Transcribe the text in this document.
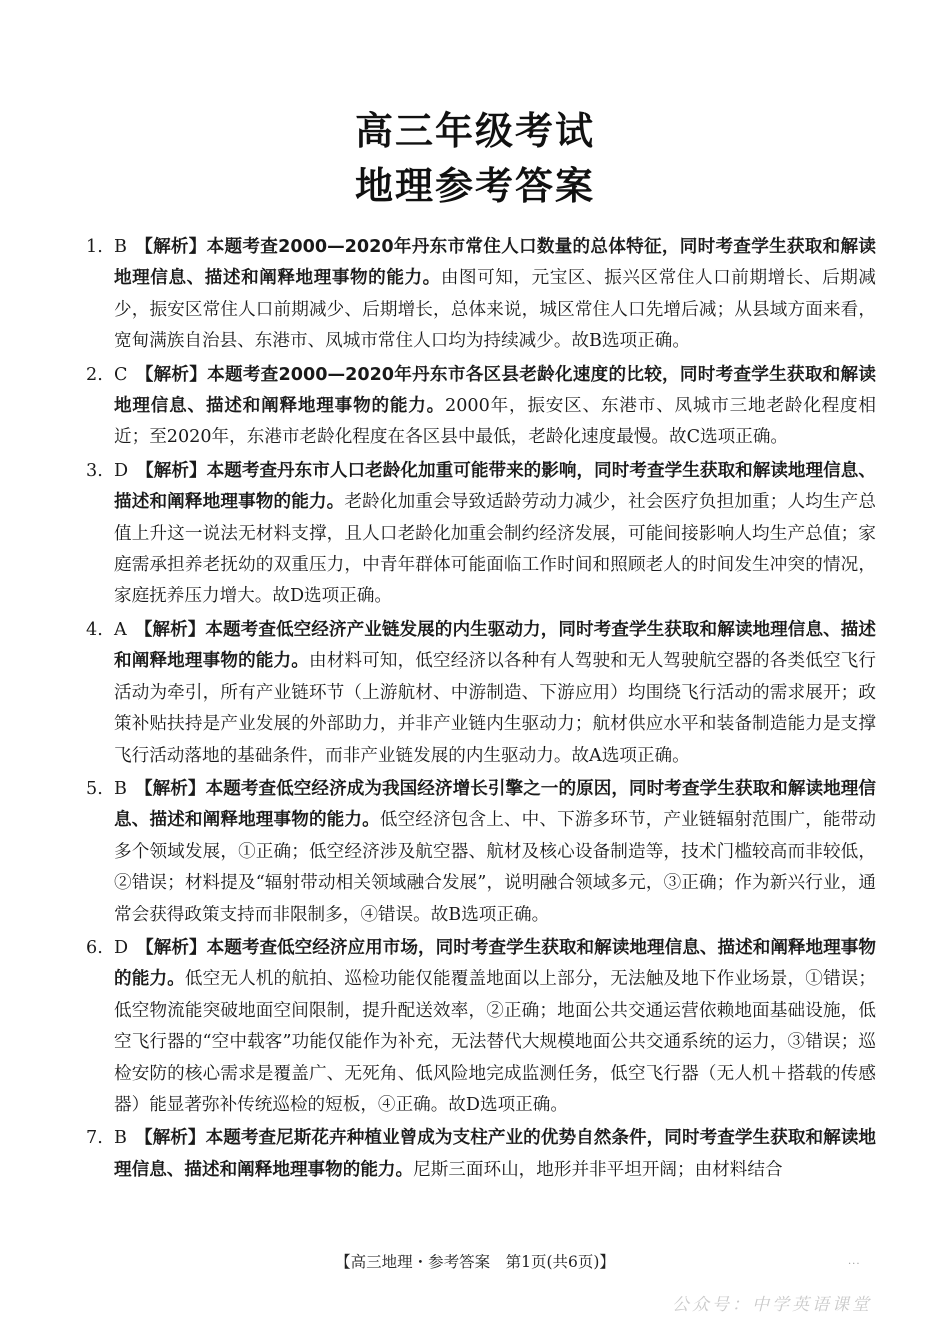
高三年级考试
地理参考答案
1. B 【解析】本题考查2000—2020年丹东市常住人口数量的总体特征，同时考查学生获取和解读地理信息、描述和阐释地理事物的能力。由图可知，元宝区、振兴区常住人口前期增长、后期减少，振安区常住人口前期减少、后期增长，总体来说，城区常住人口先增后减；从县域方面来看，宽甸满族自治县、东港市、凤城市常住人口均为持续减少。故B选项正确。
2. C 【解析】本题考查2000—2020年丹东市各区县老龄化速度的比较，同时考查学生获取和解读地理信息、描述和阐释地理事物的能力。2000年，振安区、东港市、凤城市三地老龄化程度相近；至2020年，东港市老龄化程度在各区县中最低，老龄化速度最慢。故C选项正确。
3. D 【解析】本题考查丹东市人口老龄化加重可能带来的影响，同时考查学生获取和解读地理信息、描述和阐释地理事物的能力。老龄化加重会导致适龄劳动力减少，社会医疗负担加重；人均生产总值上升这一说法无材料支撑，且人口老龄化加重会制约经济发展，可能间接影响人均生产总值；家庭需承担养老抚幼的双重压力，中青年群体可能面临工作时间和照顾老人的时间发生冲突的情况，家庭抚养压力增大。故D选项正确。
4. A 【解析】本题考查低空经济产业链发展的内生驱动力，同时考查学生获取和解读地理信息、描述和阐释地理事物的能力。由材料可知，低空经济以各种有人驾驶和无人驾驶航空器的各类低空飞行活动为牵引，所有产业链环节（上游航材、中游制造、下游应用）均围绕飞行活动的需求展开；政策补贴扶持是产业发展的外部助力，并非产业链内生驱动力；航材供应水平和装备制造能力是支撑飞行活动落地的基础条件，而非产业链发展的内生驱动力。故A选项正确。
5. B 【解析】本题考查低空经济成为我国经济增长引擎之一的原因，同时考查学生获取和解读地理信息、描述和阐释地理事物的能力。低空经济包含上、中、下游多环节，产业链辐射范围广，能带动多个领域发展，①正确；低空经济涉及航空器、航材及核心设备制造等，技术门槛较高而非较低，②错误；材料提及“辐射带动相关领域融合发展”，说明融合领域多元，③正确；作为新兴行业，通常会获得政策支持而非限制多，④错误。故B选项正确。
6. D 【解析】本题考查低空经济应用市场，同时考查学生获取和解读地理信息、描述和阐释地理事物的能力。低空无人机的航拍、巡检功能仅能覆盖地面以上部分，无法触及地下作业场景，①错误；低空物流能突破地面空间限制，提升配送效率，②正确；地面公共交通运营依赖地面基础设施，低空飞行器的“空中载客”功能仅能作为补充，无法替代大规模地面公共交通系统的运力，③错误；巡检安防的核心需求是覆盖广、无死角、低风险地完成监测任务，低空飞行器（无人机＋搭载的传感器）能显著弥补传统巡检的短板，④正确。故D选项正确。
7. B 【解析】本题考查尼斯花卉种植业曾成为支柱产业的优势自然条件，同时考查学生获取和解读地理信息、描述和阐释地理事物的能力。尼斯三面环山，地形并非平坦开阔；由材料结合
【高三地理・参考答案　第1页(共6页)】	...
公众号：中学英语课堂
